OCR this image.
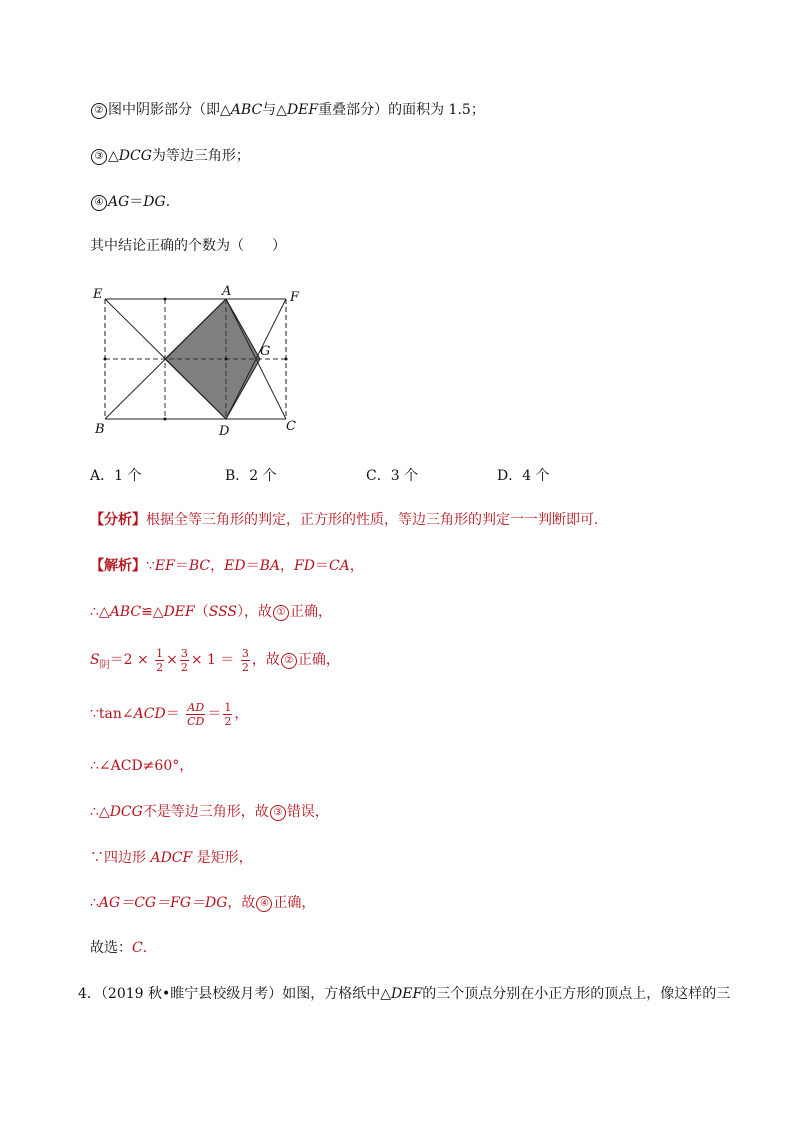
② 图中阴影部分（即△ABC与△DEF重叠部分）的面积为 1.5；
③ △DCG为等边三角形；
④ AG＝DG．
其中结论正确的个数为（　　）
E	A	F
G
B	D	C
A．1 个	B．2 个	C．3 个	D．4 个
【分析】根据全等三角形的判定，正方形的性质，等边三角形的判定一一判断即可．
【解析】∵EF＝BC，ED＝BA，FD＝CA，
∴△ABC≌△DEF（SSS），故 ① 正确，
$S_阴=2 \times \frac{1}{2} \times \frac{3}{2} \times 1 = \frac{3}{2}$ ，故 ② 正确，
∵tan∠ACD＝ $\frac{AD}{CD} = \frac{1}{2}$ ，
∴∠ACD≠60°，
∴△DCG不是等边三角形，故 ③ 错误，
∵四边形 ADCF 是矩形，
∴AG＝CG＝FG＝DG，故 ④ 正确，
故选：C．
4．（2019 秋•睢宁县校级月考）如图，方格纸中△DEF的三个顶点分别在小正方形的顶点上，像这样的三
